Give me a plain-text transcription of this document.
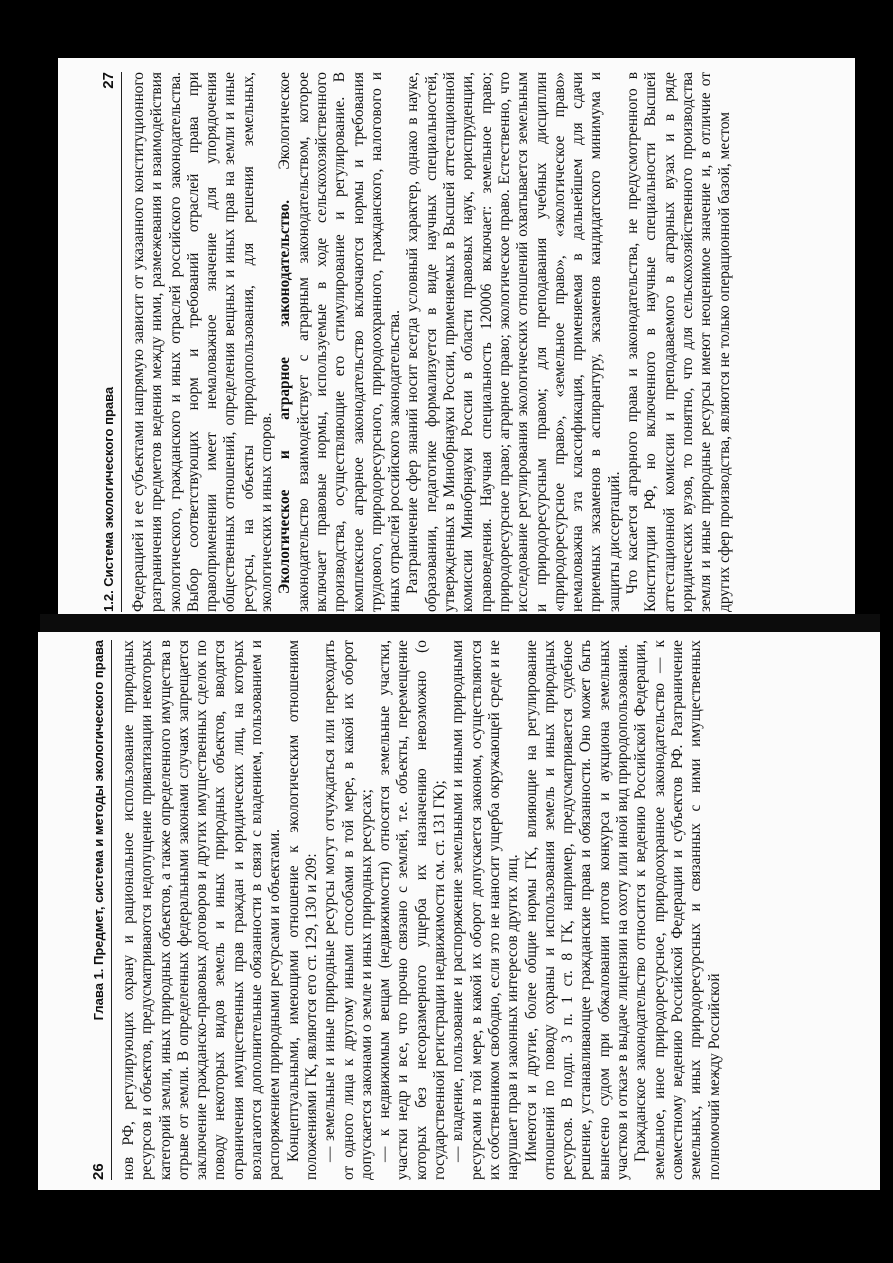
26
Глава 1. Предмет, система и методы экологического права нов РФ, регулирующих охрану и рациональное использование природных ресурсов и объектов, предусматриваются недопущение приватизации некоторых категорий земли, иных природных объектов, а также определенного имущества в отрыве от земли. В определенных федеральными законами случаях запрещается заключение гражданско-правовых договоров и других имущественных сделок по поводу некоторых видов земель и иных природных объектов, вводятся ограничения имущественных прав граждан и юридических лиц, на которых возлагаются дополнительные обязанности в связи с владением, пользованием и распоряжением природными ресурсами и объектами. Концептуальными, имеющими отношение к экологическим отношениям положениями ГК, являются его ст. 129, 130 и 209: — земельные и иные природные ресурсы могут отчуждаться или переходить от одного лица к другому иными способами в той мере, в какой их оборот допускается законами о земле и иных природных ресурсах; — к недвижимым вещам (недвижимости) относятся земельные участки, участки недр и все, что прочно связано с землей, т.е. объекты, перемещение которых без несоразмерного ущерба их назначению невозможно (о государственной регистрации недвижимости см. ст. 131 ГК); — владение, пользование и распоряжение земельными и иными природными ресурсами в той мере, в какой их оборот допускается законом, осуществляются их собственником свободно, если это не наносит ущерба окружающей среде и не нарушает прав и законных интересов других лиц. Имеются и другие, более общие нормы ГК, влияющие на регулирование отношений по поводу охраны и использования земель и иных природных ресурсов. В подп. 3 п. 1 ст. 8 ГК, например, предусматривается судебное решение, устанавливающее гражданские права и обязанности. Оно может быть вынесено судом при обжаловании итогов конкурса и аукциона земельных участков и отказе в выдаче лицензии на охоту или иной вид природопользования. Гражданское законодательство относится к ведению Российской Федерации, земельное, иное природоресурсное, природоохранное законодательство — к совместному ведению Российской Федерации и субъектов РФ. Разграничение земельных, иных природоресурсных и связанных с ними имущественных полномочий между Российской

1.2. Система экологического права
27 Федерацией и ее субъектами напрямую зависит от указанного конституционного разграничения предметов ведения между ними, размежевания и взаимодействия экологического, гражданского и иных отраслей российского законодательства. Выбор соответствующих норм и требований отраслей права при правоприменении имеет немаловажное значение для упорядочения общественных отношений, определения вещных и иных прав на земли и иные ресурсы, на объекты природопользования, для решения земельных, экологических и иных споров. Экологическое и аграрное законодательство. Экологическое законодательство взаимодействует с аграрным законодательством, которое включает правовые нормы, используемые в ходе сельскохозяйственного производства, осуществляющие его стимулирование и регулирование. В комплексное аграрное законодательство включаются нормы и требования трудового, природоресурсного, природоохранного, гражданского, налогового и иных отраслей российского законодательства. Разграничение сфер знаний носит всегда условный характер, однако в науке, образовании, педагогике формализуется в виде научных специальностей, утвержденных в Минобрнауки России, применяемых в Высшей аттестационной комиссии Минобрнауки России в области правовых наук, юриспруденции, правоведения. Научная специальность 120006 включает: земельное право; природоресурсное право; аграрное право; экологическое право. Естественно, что исследование регулирования экологических отношений охватывается земельным и природоресурсным правом; для преподавания учебных дисциплин «природоресурсное право», «земельное право», «экологическое право» немаловажна эта классификация, применяемая в дальнейшем для сдачи приемных экзаменов в аспирантуру, экзаменов кандидатского минимума и защиты диссертаций. Что касается аграрного права и законодательства, не предусмотренного в Конституции РФ, но включенного в научные специальности Высшей аттестационной комиссии и преподаваемого в аграрных вузах и в ряде юридических вузов, то понятно, что для сельскохозяйственного производства земля и иные природные ресурсы имеют неоценимое значение и, в отличие от других сфер производства, являются не только операционной базой, местом
